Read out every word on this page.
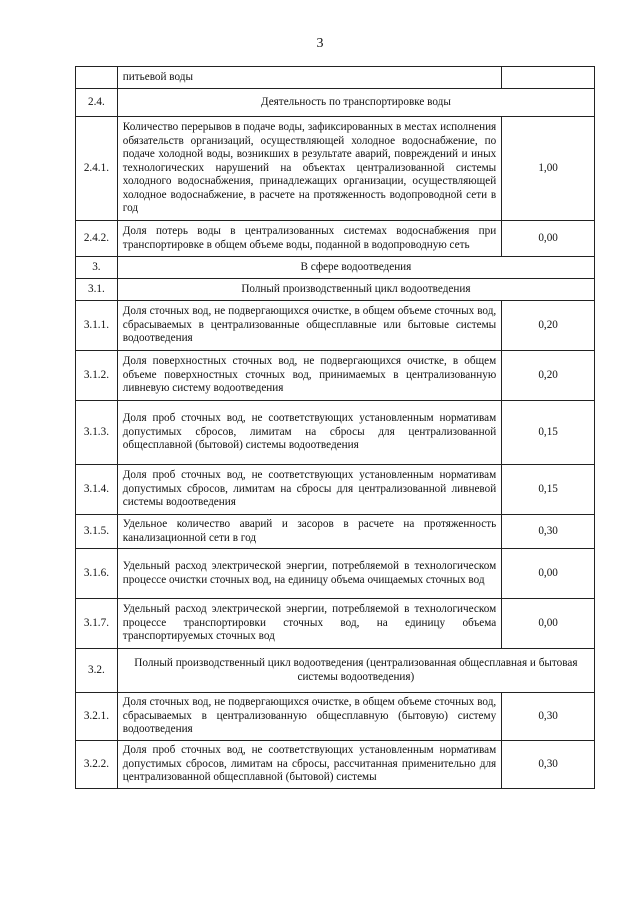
3
	питьевой воды	
2.4.	Деятельность по транспортировке воды	
2.4.1.	Количество перерывов в подаче воды, зафиксированных в местах исполнения обязательств организаций, осуществляющей холодное водоснабжение, по подаче холодной воды, возникших в результате аварий, повреждений и иных технологических нарушений на объектах централизованной системы холодного водоснабжения, принадлежащих организации, осуществляющей холодное водоснабжение, в расчете на протяженность водопроводной сети в год	1,00
2.4.2.	Доля потерь воды в централизованных системах водоснабжения при транспортировке в общем объеме воды, поданной в водопроводную сеть	0,00
3.	В сфере водоотведения	
3.1.	Полный производственный цикл водоотведения	
3.1.1.	Доля сточных вод, не подвергающихся очистке, в общем объеме сточных вод, сбрасываемых в централизованные общесплавные или бытовые системы водоотведения	0,20
3.1.2.	Доля поверхностных сточных вод, не подвергающихся очистке, в общем объеме поверхностных сточных вод, принимаемых в централизованную ливневую систему водоотведения	0,20
3.1.3.	Доля проб сточных вод, не соответствующих установленным нормативам допустимых сбросов, лимитам на сбросы для централизованной общесплавной (бытовой) системы водоотведения	0,15
3.1.4.	Доля проб сточных вод, не соответствующих установленным нормативам допустимых сбросов, лимитам на сбросы для централизованной ливневой системы водоотведения	0,15
3.1.5.	Удельное количество аварий и засоров в расчете на протяженность канализационной сети в год	0,30
3.1.6.	Удельный расход электрической энергии, потребляемой в технологическом процессе очистки сточных вод, на единицу объема очищаемых сточных вод	0,00
3.1.7.	Удельный расход электрической энергии, потребляемой в технологическом процессе транспортировки сточных вод, на единицу объема транспортируемых сточных вод	0,00
3.2.	Полный производственный цикл водоотведения (централизованная общесплавная и бытовая системы водоотведения)	
3.2.1.	Доля сточных вод, не подвергающихся очистке, в общем объеме сточных вод, сбрасываемых в централизованную общесплавную (бытовую) систему водоотведения	0,30
3.2.2.	Доля проб сточных вод, не соответствующих установленным нормативам допустимых сбросов, лимитам на сбросы, рассчитанная применительно для централизованной общесплавной (бытовой) системы	0,30
